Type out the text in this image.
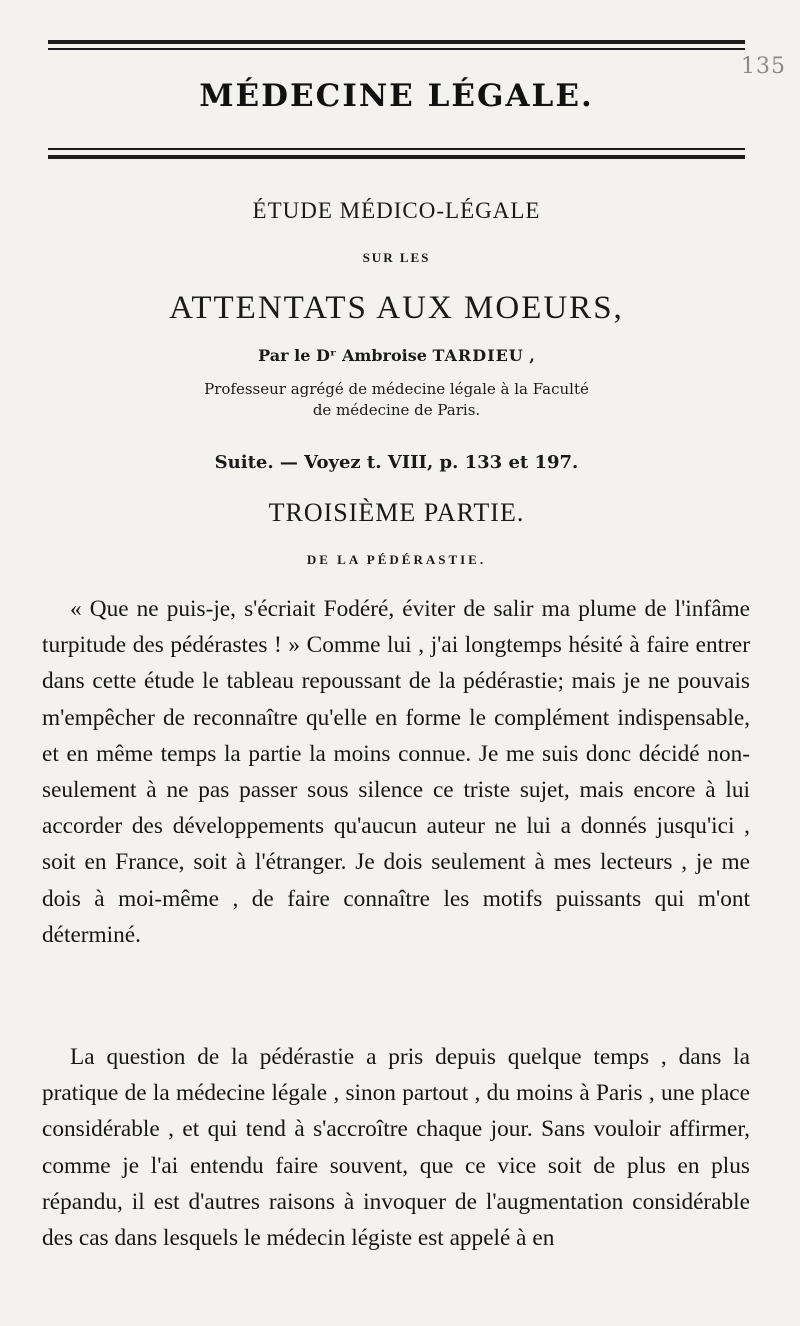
135
MÉDECINE LÉGALE.
ÉTUDE MÉDICO-LÉGALE
SUR LES
ATTENTATS AUX MOEURS,
Par le Dʳ Ambroise TARDIEU ,
Professeur agrégé de médecine légale à la Faculté
de médecine de Paris.
Suite. — Voyez t. VIII, p. 133 et 197.
TROISIÈME PARTIE.
DE LA PÉDÉRASTIE.

« Que ne puis-je, s'écriait Fodéré, éviter de salir ma plume de l'infâme turpitude des pédérastes ! » Comme lui , j'ai longtemps hésité à faire entrer dans cette étude le tableau repoussant de la pédérastie; mais je ne pouvais m'empêcher de reconnaître qu'elle en forme le complément indispensable, et en même temps la partie la moins connue. Je me suis donc décidé non-seulement à ne pas passer sous silence ce triste sujet, mais encore à lui accorder des développements qu'aucun auteur ne lui a donnés jusqu'ici , soit en France, soit à l'étranger. Je dois seulement à mes lecteurs , je me dois à moi-même , de faire connaître les motifs puissants qui m'ont déterminé.

La question de la pédérastie a pris depuis quelque temps , dans la pratique de la médecine légale , sinon partout , du moins à Paris , une place considérable , et qui tend à s'accroître chaque jour. Sans vouloir affirmer, comme je l'ai entendu faire souvent, que ce vice soit de plus en plus répandu, il est d'autres raisons à invoquer de l'augmentation considérable des cas dans lesquels le médecin légiste est appelé à en
